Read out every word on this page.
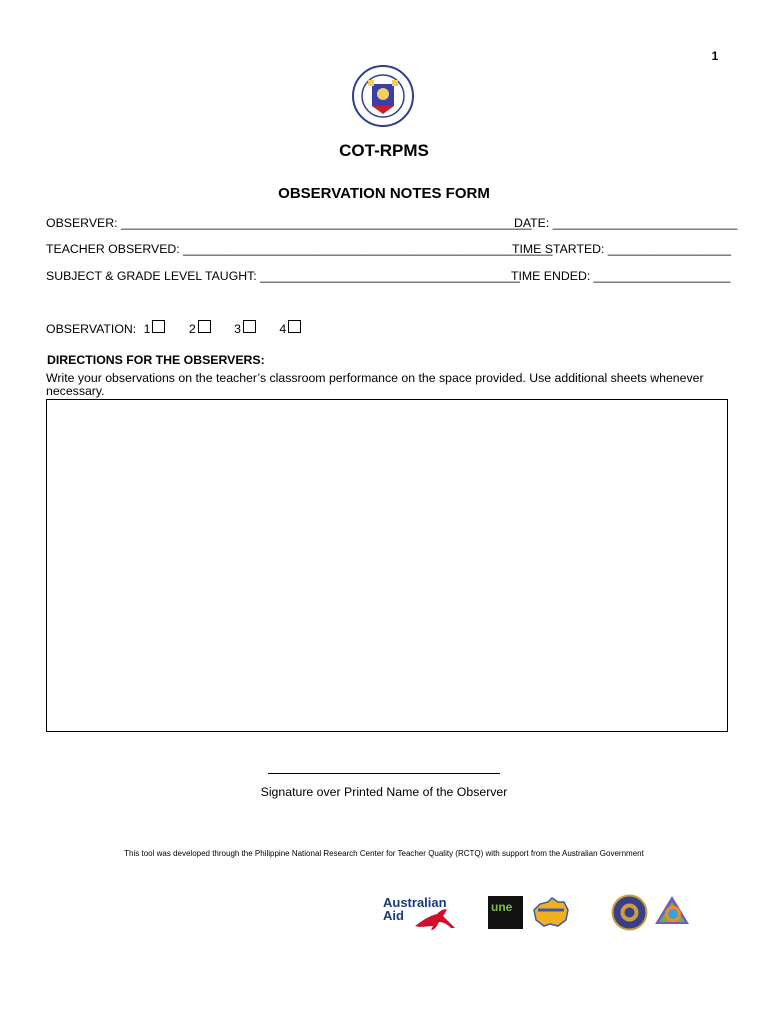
1
COT-RPMS
OBSERVATION NOTES FORM
OBSERVER: ____________________________________________________________
DATE: ___________________________
TEACHER OBSERVED: ______________________________________________________
TIME STARTED: __________________
SUBJECT & GRADE LEVEL TAUGHT: ______________________________________
TIME ENDED: ____________________
OBSERVATION: 1	2	3	4
DIRECTIONS FOR THE OBSERVERS:
Write your observations on the teacher’s classroom performance on the space provided. Use additional sheets whenever necessary.
Signature over Printed Name of the Observer
This tool was developed through the Philippine National Research Center for Teacher Quality (RCTQ) with support from the Australian Government
Australian
Aid
une
